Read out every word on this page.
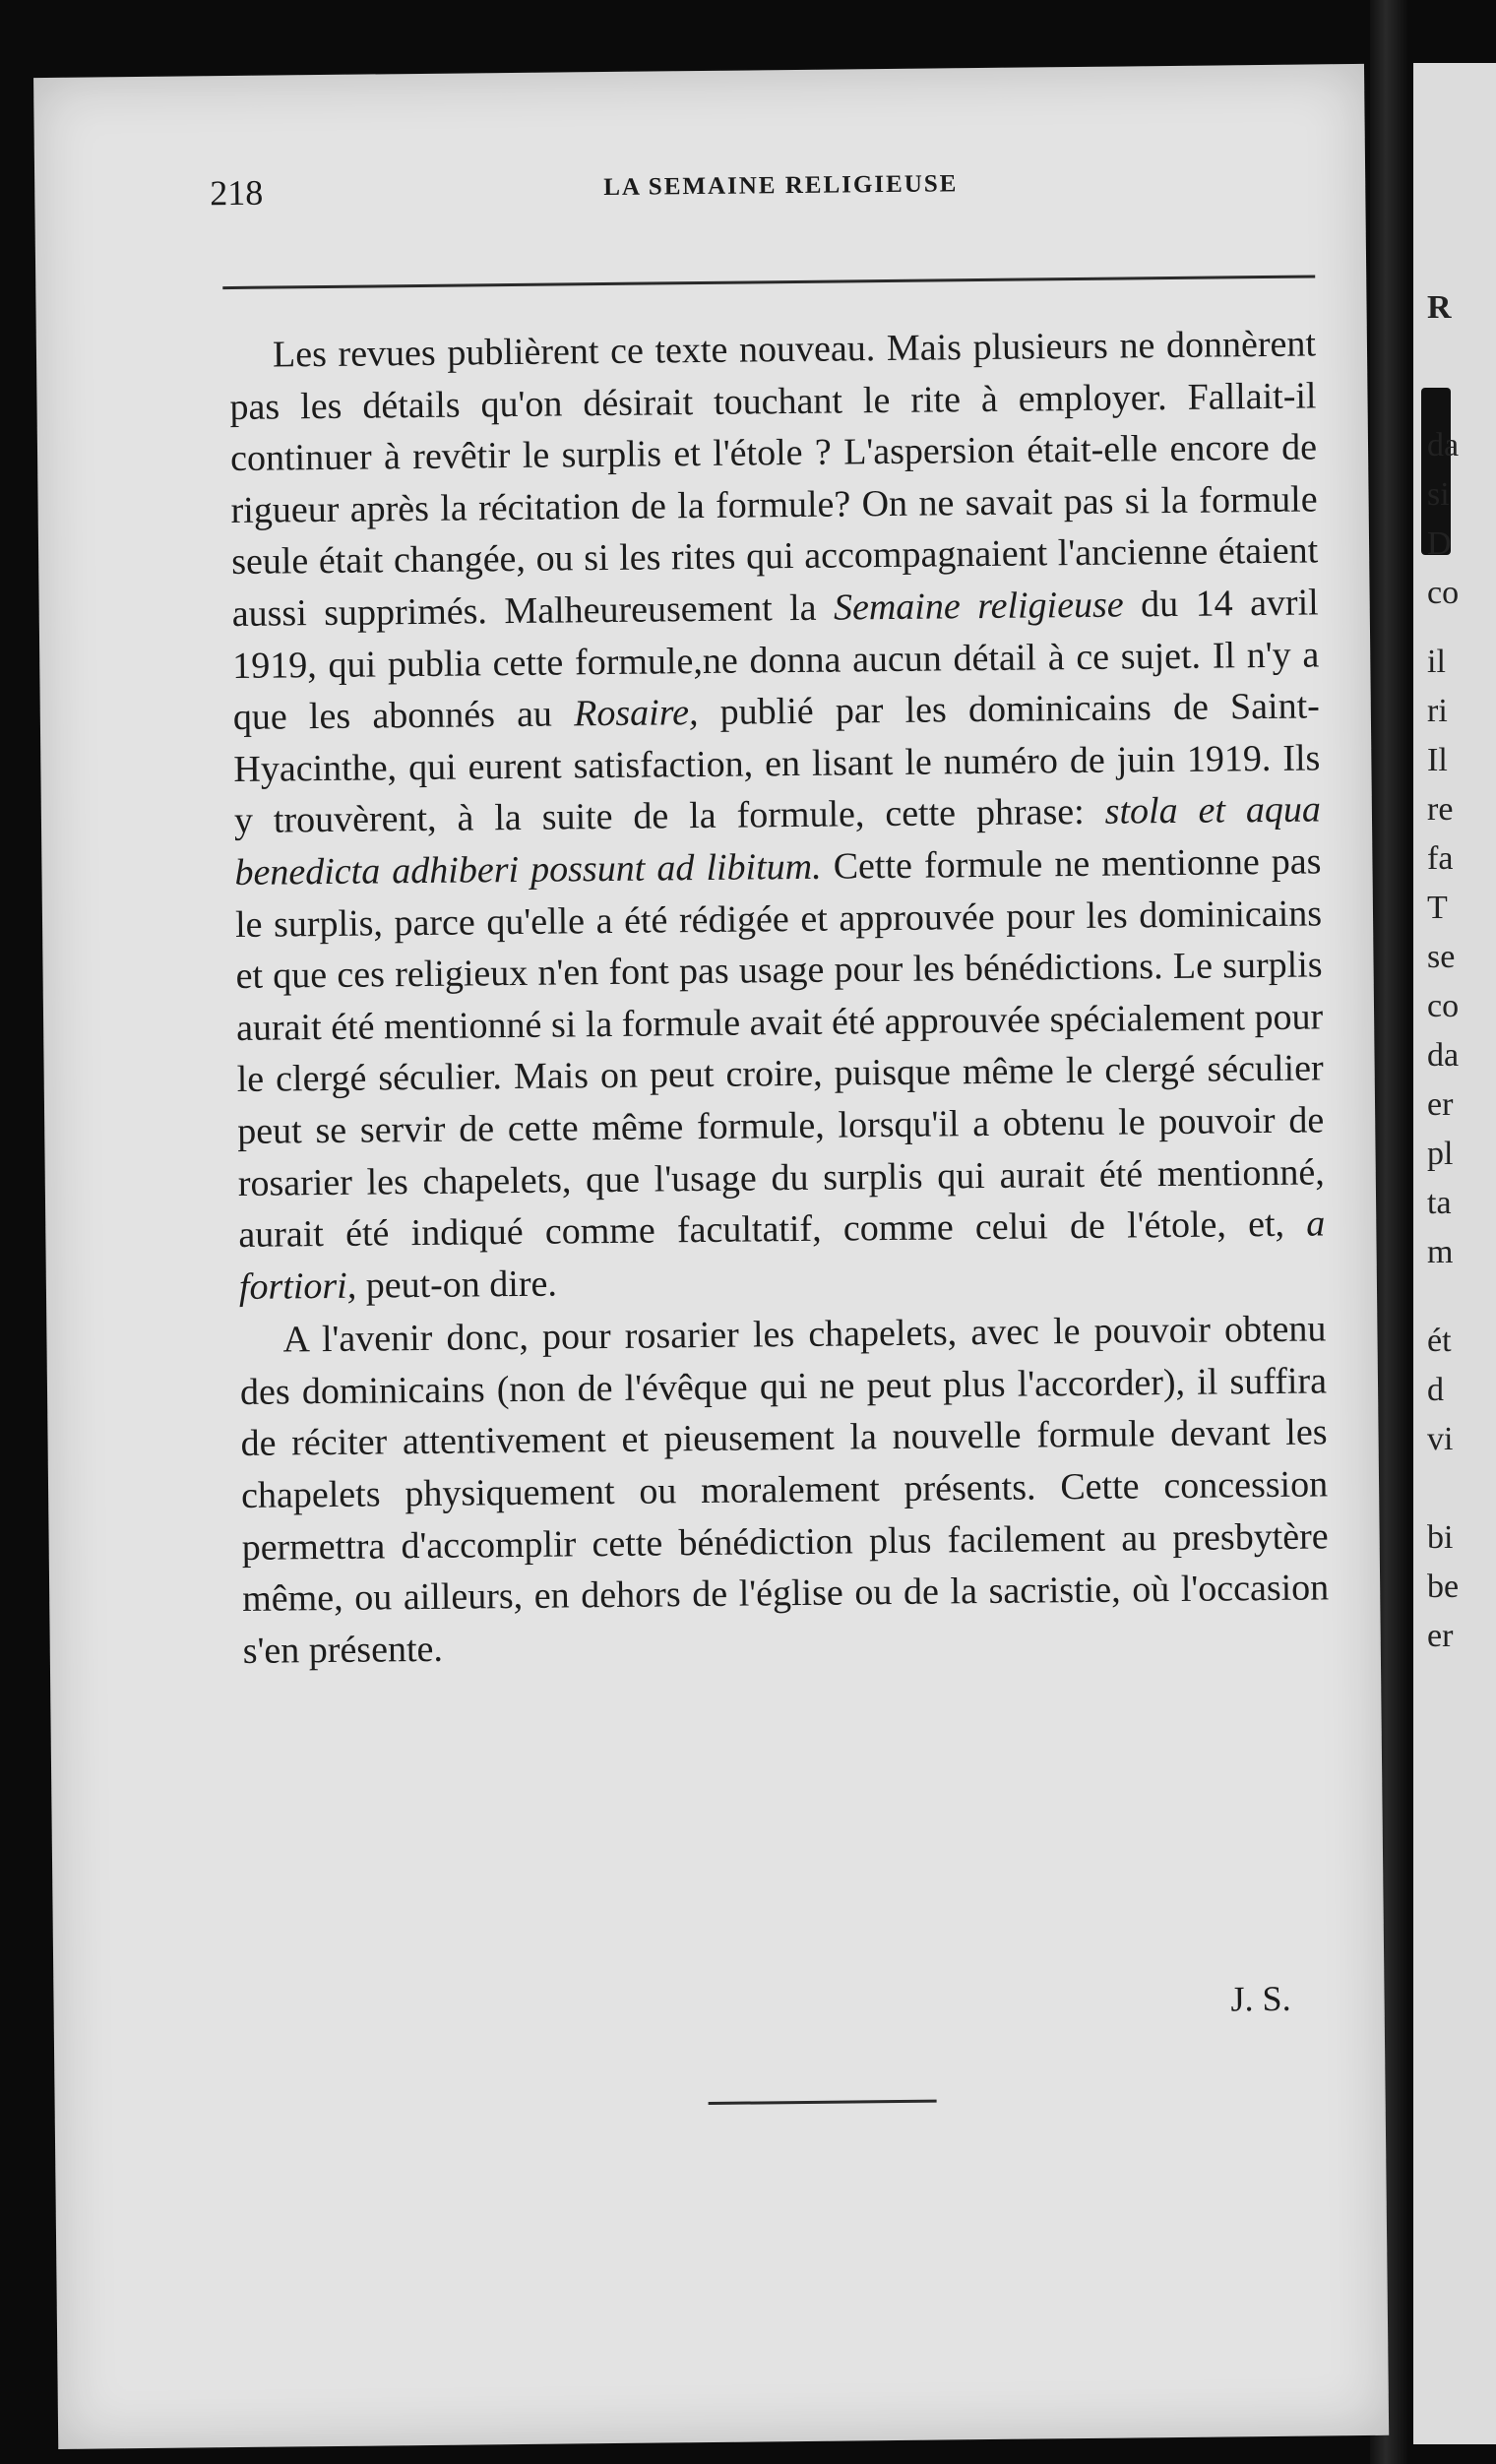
R
da
si
D
co
il
ri
Il
re
fa
T
se
co
da
er
pl
ta
m
ét
d
vi
bi
be
er
218	LA SEMAINE RELIGIEUSE

Les revues publièrent ce texte nouveau. Mais plusieurs ne donnèrent pas les détails qu'on désirait touchant le rite à employer. Fallait-il continuer à revêtir le surplis et l'étole ? L'aspersion était-elle encore de rigueur après la récitation de la formule? On ne savait pas si la formule seule était changée, ou si les rites qui accompagnaient l'ancienne étaient aussi supprimés. Malheureusement la Semaine religieuse du 14 avril 1919, qui publia cette formule,ne donna aucun détail à ce sujet. Il n'y a que les abonnés au Rosaire, publié par les dominicains de Saint-Hyacinthe, qui eurent satisfaction, en lisant le numéro de juin 1919. Ils y trouvèrent, à la suite de la formule, cette phrase: stola et aqua benedicta adhiberi possunt ad libitum. Cette formule ne mentionne pas le surplis, parce qu'elle a été rédigée et approuvée pour les dominicains et que ces religieux n'en font pas usage pour les bénédictions. Le surplis aurait été mentionné si la formule avait été approuvée spécialement pour le clergé séculier. Mais on peut croire, puisque même le clergé séculier peut se servir de cette même formule, lorsqu'il a obtenu le pouvoir de rosarier les chapelets, que l'usage du surplis qui aurait été mentionné, aurait été indiqué comme facultatif, comme celui de l'étole, et, a fortiori, peut-on dire.

A l'avenir donc, pour rosarier les chapelets, avec le pouvoir obtenu des dominicains (non de l'évêque qui ne peut plus l'accorder), il suffira de réciter attentivement et pieusement la nouvelle formule devant les chapelets physiquement ou moralement présents. Cette concession permettra d'accomplir cette bénédiction plus facilement au presbytère même, ou ailleurs, en dehors de l'église ou de la sacristie, où l'occasion s'en présente.

J. S.
